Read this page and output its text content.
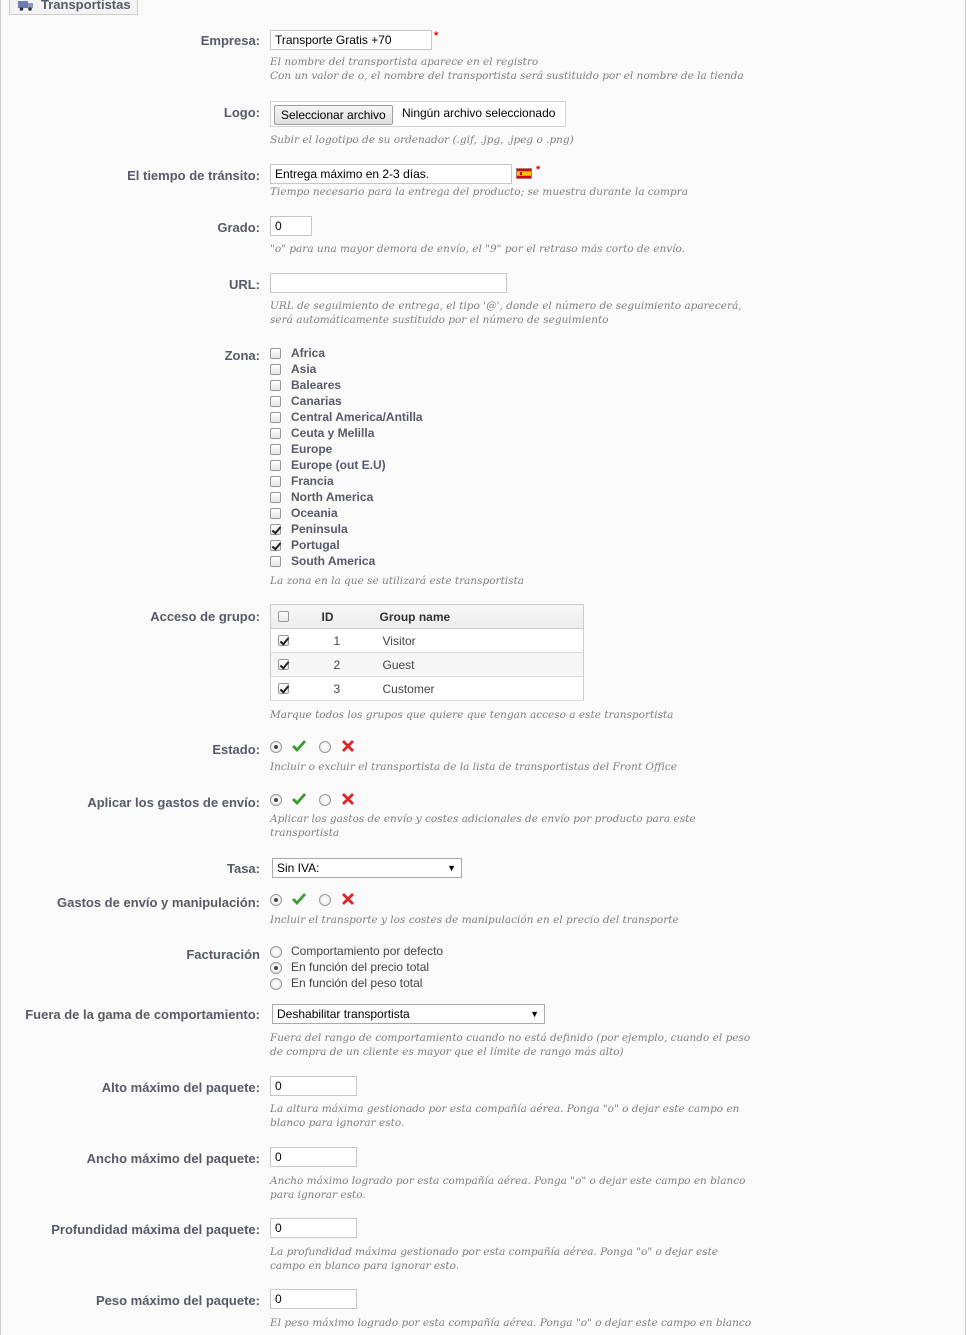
Transportistas
Empresa:
Transporte Gratis +70	*
El nombre del transportista aparece en el registro
Con un valor de o, el nombre del transportista será sustituido por el nombre de la tienda
Logo:	Seleccionar archivo	Ningún archivo seleccionado
Subir el logotipo de su ordenador (.gif, .jpg, .jpeg o .png)
El tiempo de tránsito:
Entrega máximo en 2-3 días.	*
Tiempo necesario para la entrega del producto; se muestra durante la compra
Grado:
0
"o" para una mayor demora de envío, el "9" por el retraso más corto de envío.
URL:
URL de seguimiento de entrega, el tipo '@', donde el número de seguimiento aparecerá,
será automáticamente sustituido por el número de seguimiento
Zona:	Africa
Asia
Baleares
Canarias
Central America/Antilla
Ceuta y Melilla
Europe
Europe (out E.U)
Francia
North America
Oceania
Peninsula
Portugal
South America
La zona en la que se utilizará este transportista
Acceso de grupo:
		ID	Group name

	1	Visitor

	2	Guest

	3	Customer
Marque todos los grupos que quiere que tengan acceso a este transportista
Estado:
Incluir o excluir el transportista de la lista de transportistas del Front Office
Aplicar los gastos de envío:
Aplicar los gastos de envío y costes adicionales de envío por producto para este
transportista
Tasa:	Sin IVA:	▼
Gastos de envío y manipulación:
Incluir el transporte y los costes de manipulación en el precio del transporte
Facturación	Comportamiento por defecto
En función del precio total
En función del peso total
Fuera de la gama de comportamiento:	Deshabilitar transportista	▼
Fuera del rango de comportamiento cuando no está definido (por ejemplo, cuando el peso
de compra de un cliente es mayor que el límite de rango más alto)
Alto máximo del paquete:
0
La altura máxima gestionado por esta compañía aérea. Ponga "o" o dejar este campo en
blanco para ignorar esto.
Ancho máximo del paquete:
0
Ancho máximo logrado por esta compañía aérea. Ponga "o" o dejar este campo en blanco
para ignorar esto.
Profundidad máxima del paquete:
0
La profundidad máxima gestionado por esta compañía aérea. Ponga "o" o dejar este
campo en blanco para ignorar esto.
Peso máximo del paquete:
0
El peso máximo logrado por esta compañía aérea. Ponga "o" o dejar este campo en blanco
